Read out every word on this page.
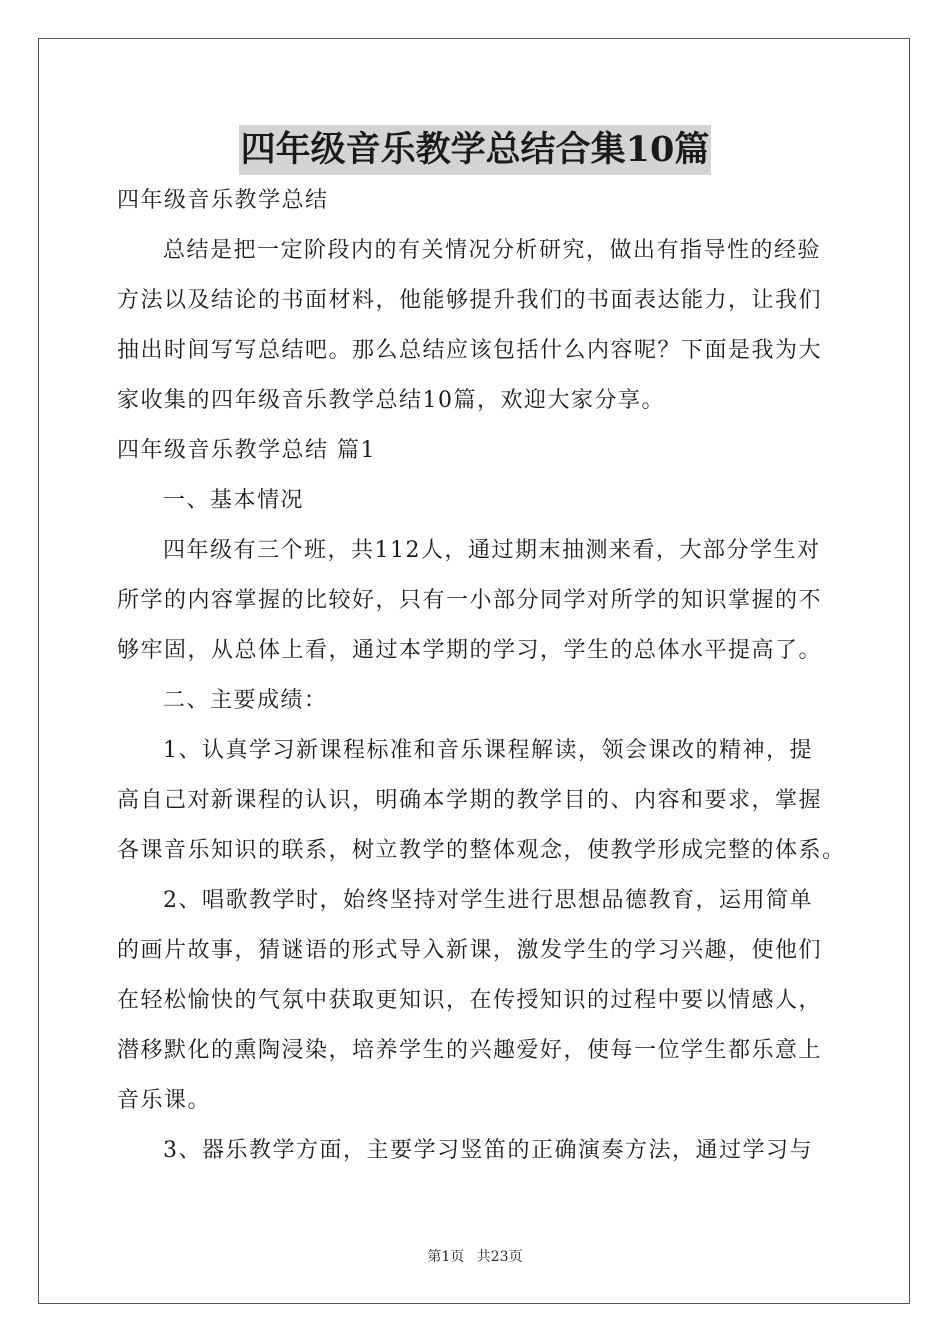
四年级音乐教学总结合集10篇
四年级音乐教学总结
总结是把一定阶段内的有关情况分析研究，做出有指导性的经验
方法以及结论的书面材料，他能够提升我们的书面表达能力，让我们
抽出时间写写总结吧。那么总结应该包括什么内容呢？下面是我为大
家收集的四年级音乐教学总结10篇，欢迎大家分享。
四年级音乐教学总结 篇1
一、基本情况
四年级有三个班，共112人，通过期末抽测来看，大部分学生对
所学的内容掌握的比较好，只有一小部分同学对所学的知识掌握的不
够牢固，从总体上看，通过本学期的学习，学生的总体水平提高了。
二、主要成绩：
1、认真学习新课程标准和音乐课程解读，领会课改的精神，提
高自己对新课程的认识，明确本学期的教学目的、内容和要求，掌握
各课音乐知识的联系，树立教学的整体观念，使教学形成完整的体系。
2、唱歌教学时，始终坚持对学生进行思想品德教育，运用简单
的画片故事，猜谜语的形式导入新课，激发学生的学习兴趣，使他们
在轻松愉快的气氛中获取更知识，在传授知识的过程中要以情感人，
潜移默化的熏陶浸染，培养学生的兴趣爱好，使每一位学生都乐意上
音乐课。
3、器乐教学方面，主要学习竖笛的正确演奏方法，通过学习与
第1页 共23页
